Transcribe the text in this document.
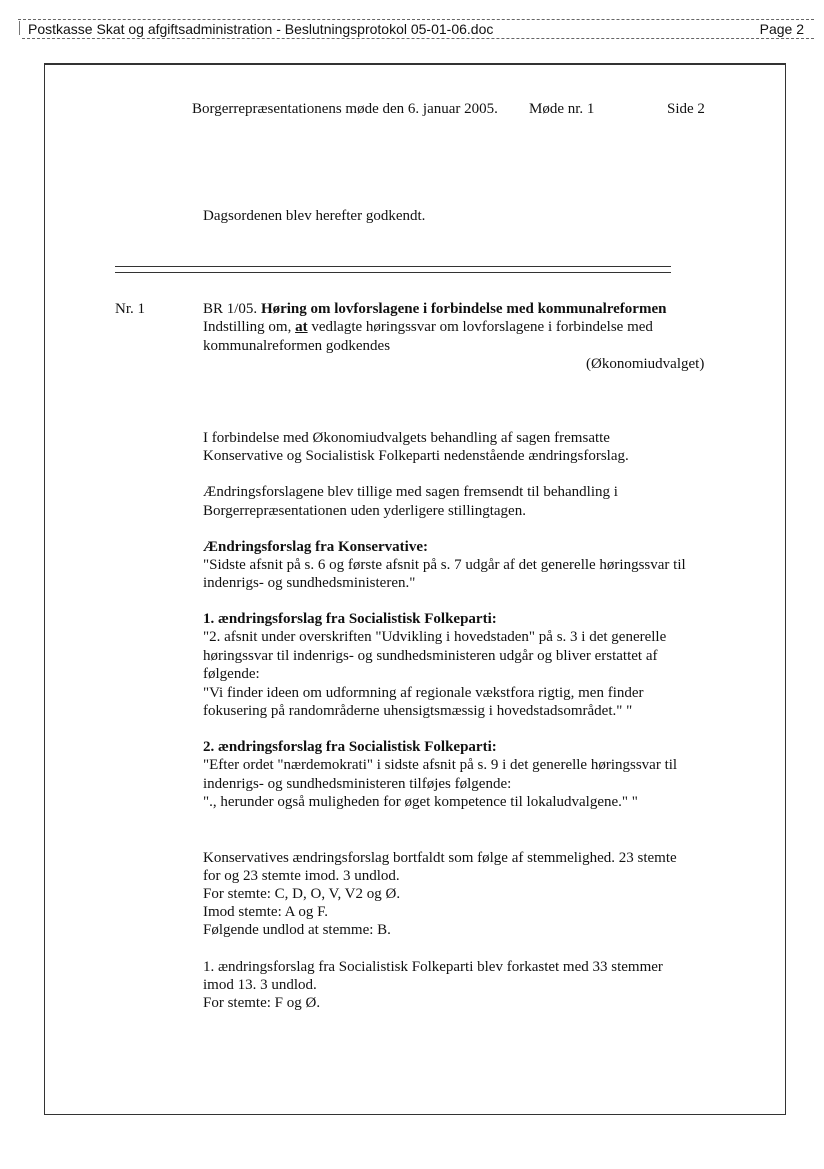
Postkasse Skat og afgiftsadministration - Beslutningsprotokol 05-01-06.doc	Page 2
Borgerrepræsentationens møde den 6. januar 2005. Møde nr. 1	Side 2
Dagsordenen blev herefter godkendt.
Nr. 1	BR 1/05. Høring om lovforslagene i forbindelse med kommunalreformen
Indstilling om, at vedlagte høringssvar om lovforslagene i forbindelse med
kommunalreformen godkendes
(Økonomiudvalget)
I forbindelse med Økonomiudvalgets behandling af sagen fremsatte
Konservative og Socialistisk Folkeparti nedenstående ændringsforslag.
Ændringsforslagene blev tillige med sagen fremsendt til behandling i
Borgerrepræsentationen uden yderligere stillingtagen.
Ændringsforslag fra Konservative:
"Sidste afsnit på s. 6 og første afsnit på s. 7 udgår af det generelle høringssvar til
indenrigs- og sundhedsministeren."
1. ændringsforslag fra Socialistisk Folkeparti:
"2. afsnit under overskriften "Udvikling i hovedstaden" på s. 3 i det generelle
høringssvar til indenrigs- og sundhedsministeren udgår og bliver erstattet af
følgende:
"Vi finder ideen om udformning af regionale vækstfora rigtig, men finder
fokusering på randområderne uhensigtsmæssig i hovedstadsområdet." "
2. ændringsforslag fra Socialistisk Folkeparti:
"Efter ordet "nærdemokrati" i sidste afsnit på s. 9 i det generelle høringssvar til
indenrigs- og sundhedsministeren tilføjes følgende:
"., herunder også muligheden for øget kompetence til lokaludvalgene." "
Konservatives ændringsforslag bortfaldt som følge af stemmelighed. 23 stemte
for og 23 stemte imod. 3 undlod.
For stemte: C, D, O, V, V2 og Ø.
Imod stemte: A og F.
Følgende undlod at stemme: B.
1. ændringsforslag fra Socialistisk Folkeparti blev forkastet med 33 stemmer
imod 13. 3 undlod.
For stemte: F og Ø.
